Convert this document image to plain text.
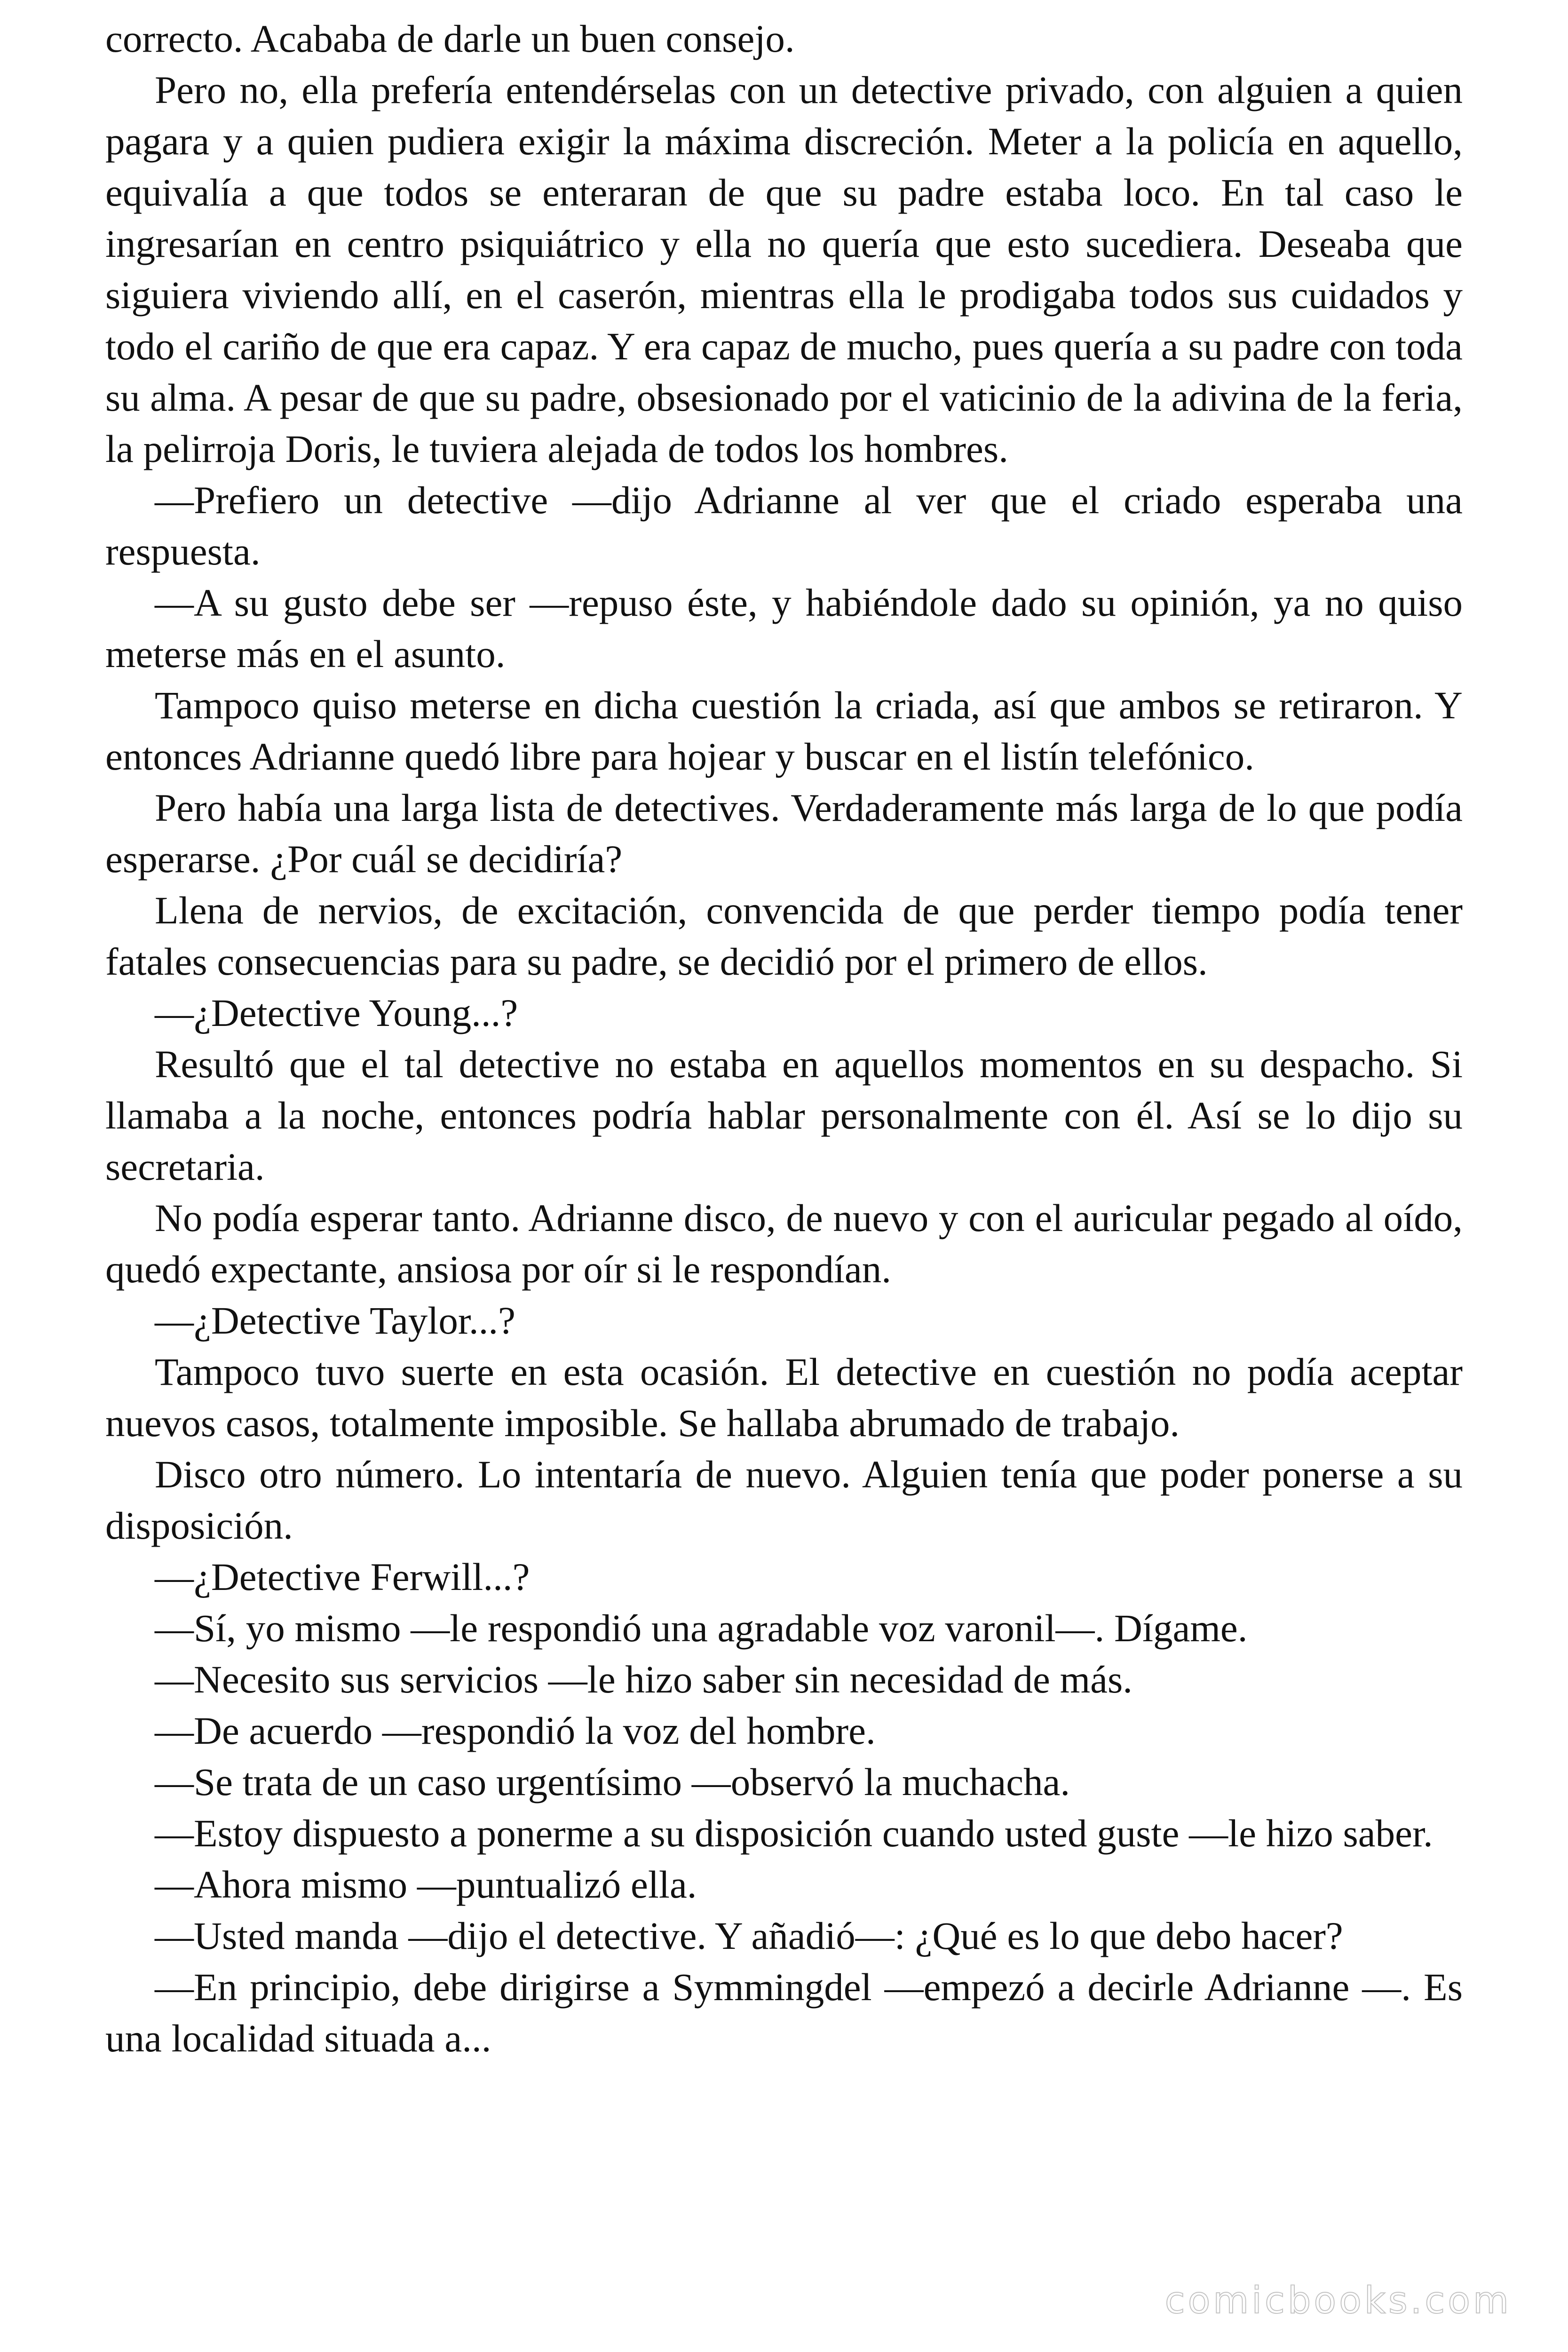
correcto. Acababa de darle un buen consejo.

Pero no, ella prefería entendérselas con un detective privado, con alguien a quien pagara y a quien pudiera exigir la máxima discreción. Meter a la policía en aquello, equivalía a que todos se enteraran de que su padre estaba loco. En tal caso le ingresarían en centro psiquiátrico y ella no quería que esto sucediera. Deseaba que siguiera viviendo allí, en el caserón, mientras ella le prodigaba todos sus cuidados y todo el cariño de que era capaz. Y era capaz de mucho, pues quería a su padre con toda su alma. A pesar de que su padre, obsesionado por el vaticinio de la adivina de la feria, la pelirroja Doris, le tuviera alejada de todos los hombres.

—Prefiero un detective —dijo Adrianne al ver que el criado esperaba una respuesta.

—A su gusto debe ser —repuso éste, y habiéndole dado su opinión, ya no quiso meterse más en el asunto.

Tampoco quiso meterse en dicha cuestión la criada, así que ambos se retiraron. Y entonces Adrianne quedó libre para hojear y buscar en el listín telefónico.

Pero había una larga lista de detectives. Verdaderamente más larga de lo que podía esperarse. ¿Por cuál se decidiría?

Llena de nervios, de excitación, convencida de que perder tiempo podía tener fatales consecuencias para su padre, se decidió por el primero de ellos.

—¿Detective Young...?

Resultó que el tal detective no estaba en aquellos momentos en su despacho. Si llamaba a la noche, entonces podría hablar personalmente con él. Así se lo dijo su secretaria.

No podía esperar tanto. Adrianne disco, de nuevo y con el auricular pegado al oído, quedó expectante, ansiosa por oír si le respondían.

—¿Detective Taylor...?

Tampoco tuvo suerte en esta ocasión. El detective en cuestión no podía aceptar nuevos casos, totalmente imposible. Se hallaba abrumado de trabajo.

Disco otro número. Lo intentaría de nuevo. Alguien tenía que poder ponerse a su disposición.

—¿Detective Ferwill...?

—Sí, yo mismo —le respondió una agradable voz varonil—. Dígame.

—Necesito sus servicios —le hizo saber sin necesidad de más.

—De acuerdo —respondió la voz del hombre.

—Se trata de un caso urgentísimo —observó la muchacha.

—Estoy dispuesto a ponerme a su disposición cuando usted guste —le hizo saber.

—Ahora mismo —puntualizó ella.

—Usted manda —dijo el detective. Y añadió—: ¿Qué es lo que debo hacer?

—En principio, debe dirigirse a Symmingdel —empezó a decirle Adrianne —. Es una localidad situada a...

comicbooks.com
